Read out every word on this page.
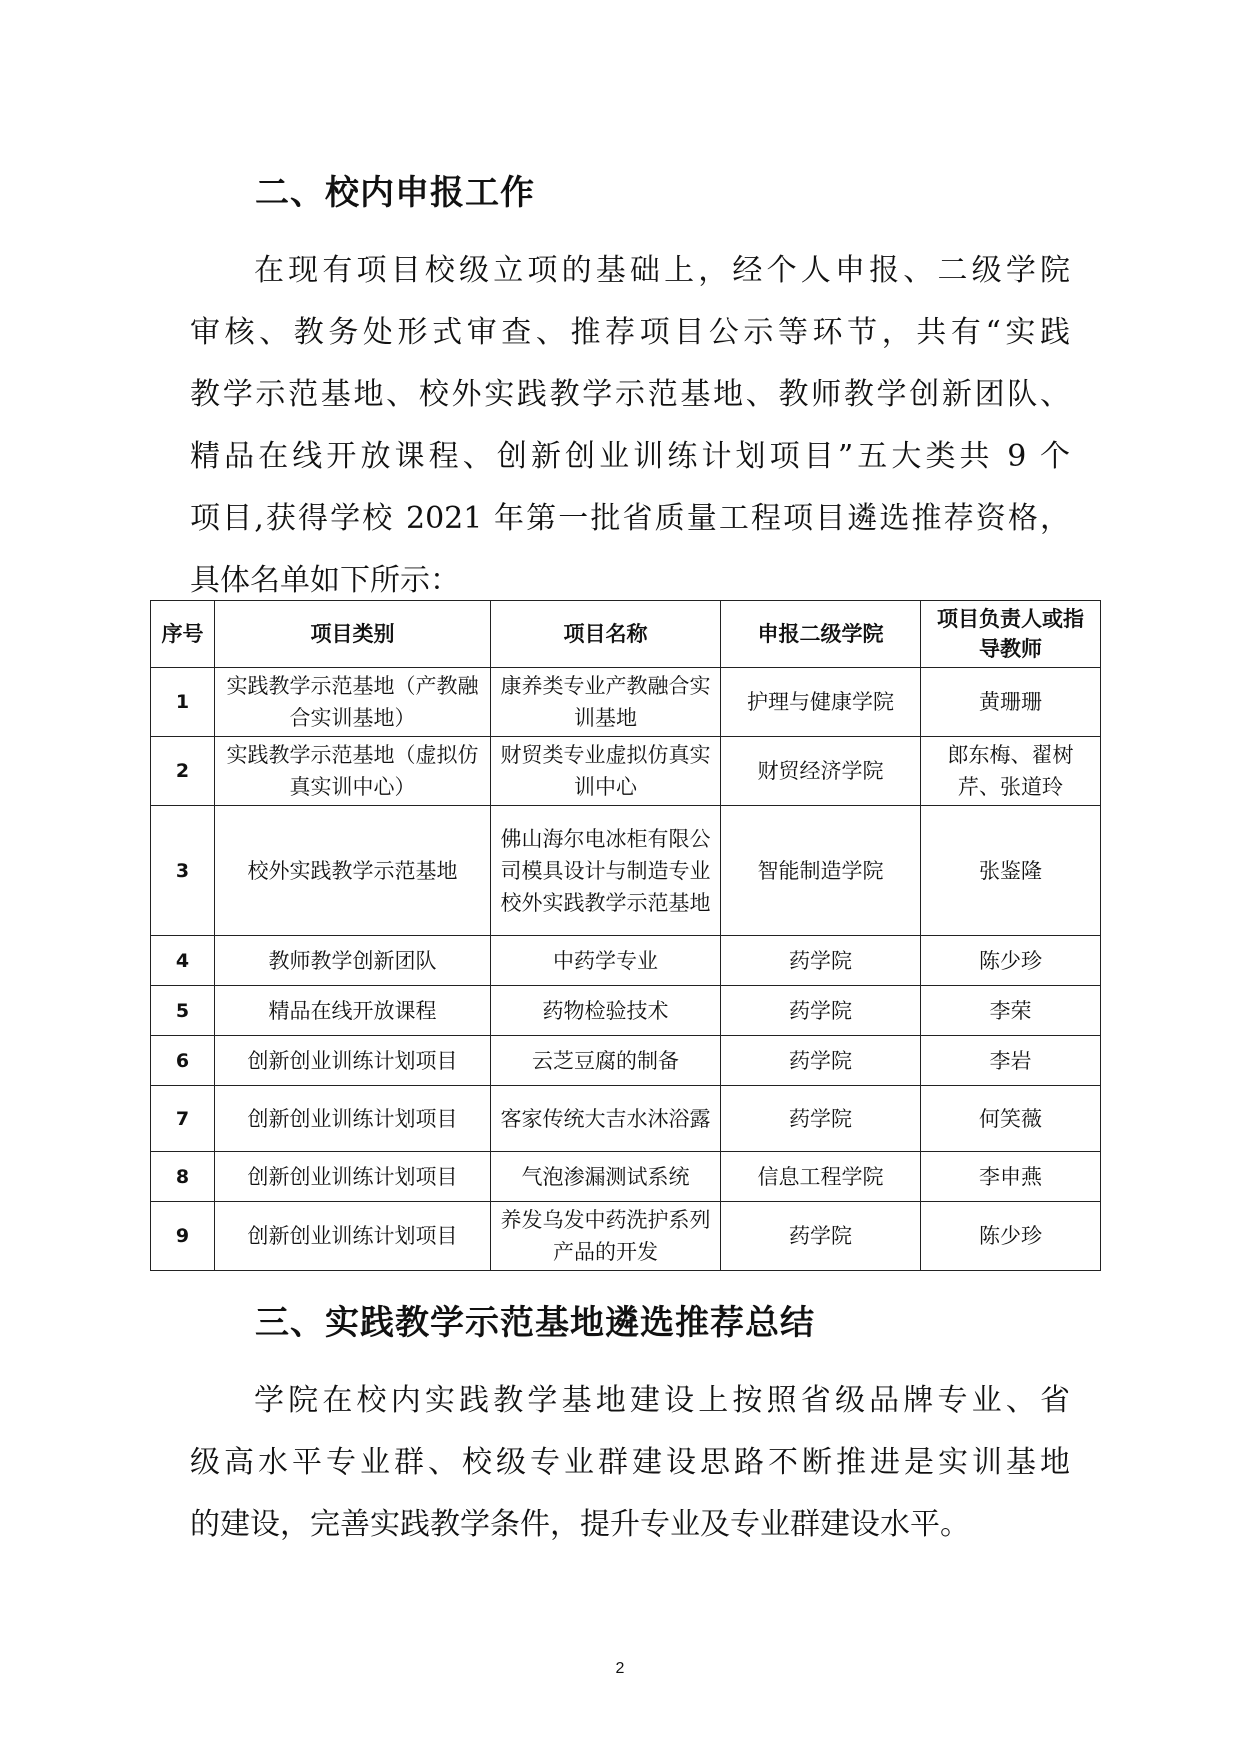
二、校内申报工作

在现有项目校级立项的基础上，经个人申报、二级学院
审核、教务处形式审查、推荐项目公示等环节，共有“实践
教学示范基地、校外实践教学示范基地、教师教学创新团队、
精品在线开放课程、创新创业训练计划项目”五大类共 9 个
项目,获得学校 2021 年第一批省质量工程项目遴选推荐资格，
具体名单如下所示：

序号	项目类别	项目名称	申报二级学院	项目负责人或指导教师
1	实践教学示范基地（产教融合实训基地）	康养类专业产教融合实训基地	护理与健康学院	黄珊珊
2	实践教学示范基地（虚拟仿真实训中心）	财贸类专业虚拟仿真实训中心	财贸经济学院	郎东梅、翟树芹、张道玲
3	校外实践教学示范基地	佛山海尔电冰柜有限公司模具设计与制造专业校外实践教学示范基地	智能制造学院	张鉴隆
4	教师教学创新团队	中药学专业	药学院	陈少珍
5	精品在线开放课程	药物检验技术	药学院	李荣
6	创新创业训练计划项目	云芝豆腐的制备	药学院	李岩
7	创新创业训练计划项目	客家传统大吉水沐浴露	药学院	何笑薇
8	创新创业训练计划项目	气泡渗漏测试系统	信息工程学院	李申燕
9	创新创业训练计划项目	养发乌发中药洗护系列产品的开发	药学院	陈少珍
三、实践教学示范基地遴选推荐总结

学院在校内实践教学基地建设上按照省级品牌专业、省
级高水平专业群、校级专业群建设思路不断推进是实训基地
的建设，完善实践教学条件，提升专业及专业群建设水平。

2
